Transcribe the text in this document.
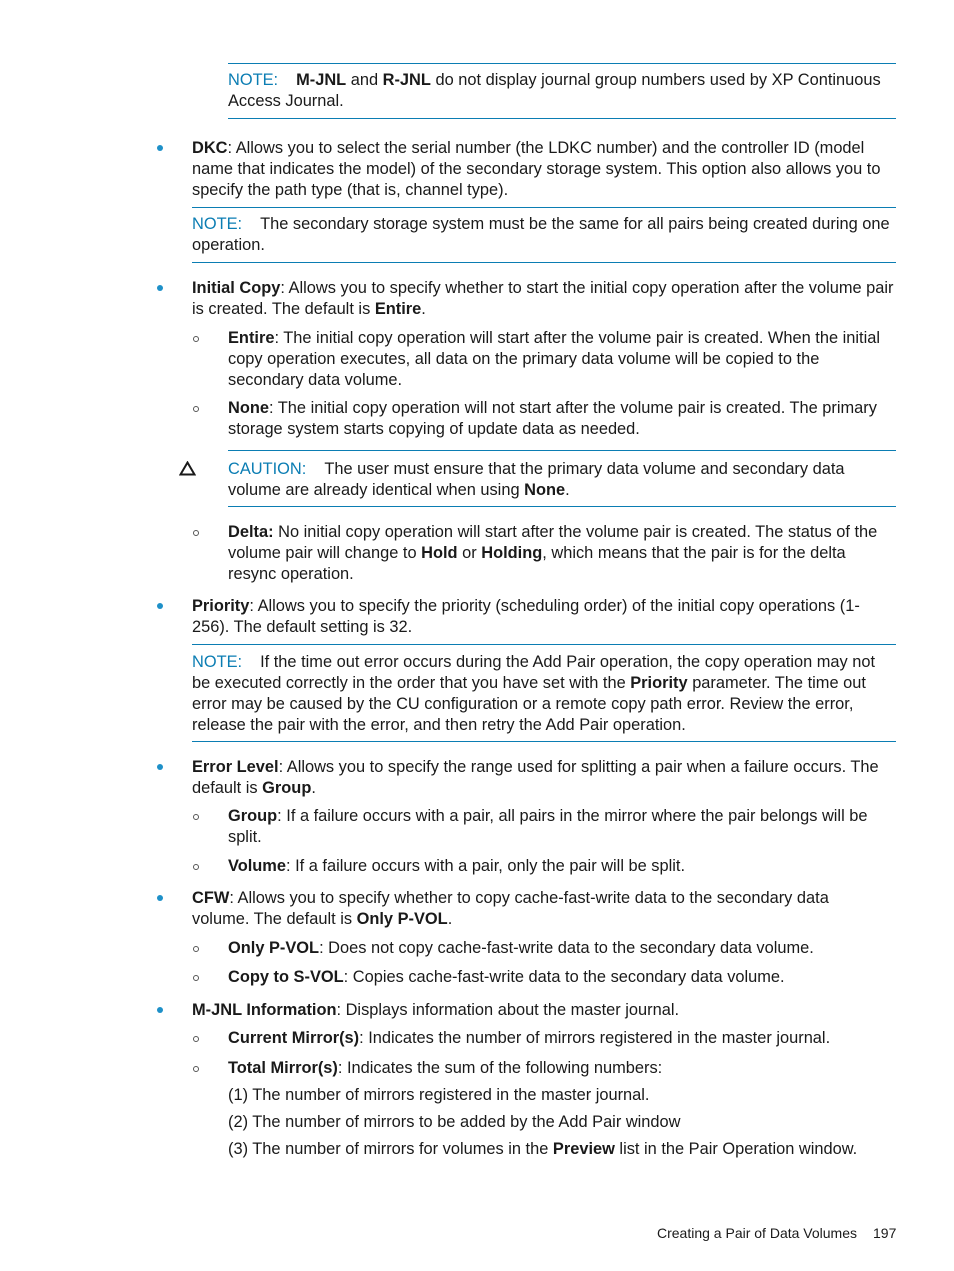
NOTE: M-JNL and R-JNL do not display journal group numbers used by XP Continuous Access Journal.
DKC: Allows you to select the serial number (the LDKC number) and the controller ID (model name that indicates the model) of the secondary storage system. This option also allows you to specify the path type (that is, channel type).
NOTE: The secondary storage system must be the same for all pairs being created during one operation.
Initial Copy: Allows you to specify whether to start the initial copy operation after the volume pair is created. The default is Entire.
Entire: The initial copy operation will start after the volume pair is created. When the initial copy operation executes, all data on the primary data volume will be copied to the secondary data volume.
None: The initial copy operation will not start after the volume pair is created. The primary storage system starts copying of update data as needed.
CAUTION: The user must ensure that the primary data volume and secondary data volume are already identical when using None.
Delta: No initial copy operation will start after the volume pair is created. The status of the volume pair will change to Hold or Holding, which means that the pair is for the delta resync operation.
Priority: Allows you to specify the priority (scheduling order) of the initial copy operations (1-256). The default setting is 32.
NOTE: If the time out error occurs during the Add Pair operation, the copy operation may not be executed correctly in the order that you have set with the Priority parameter. The time out error may be caused by the CU configuration or a remote copy path error. Review the error, release the pair with the error, and then retry the Add Pair operation.
Error Level: Allows you to specify the range used for splitting a pair when a failure occurs. The default is Group.
Group: If a failure occurs with a pair, all pairs in the mirror where the pair belongs will be split.
Volume: If a failure occurs with a pair, only the pair will be split.
CFW: Allows you to specify whether to copy cache-fast-write data to the secondary data volume. The default is Only P-VOL.
Only P-VOL: Does not copy cache-fast-write data to the secondary data volume.
Copy to S-VOL: Copies cache-fast-write data to the secondary data volume.
M-JNL Information: Displays information about the master journal.
Current Mirror(s): Indicates the number of mirrors registered in the master journal.
Total Mirror(s): Indicates the sum of the following numbers:
(1) The number of mirrors registered in the master journal.
(2) The number of mirrors to be added by the Add Pair window
(3) The number of mirrors for volumes in the Preview list in the Pair Operation window.
Creating a Pair of Data Volumes 197
